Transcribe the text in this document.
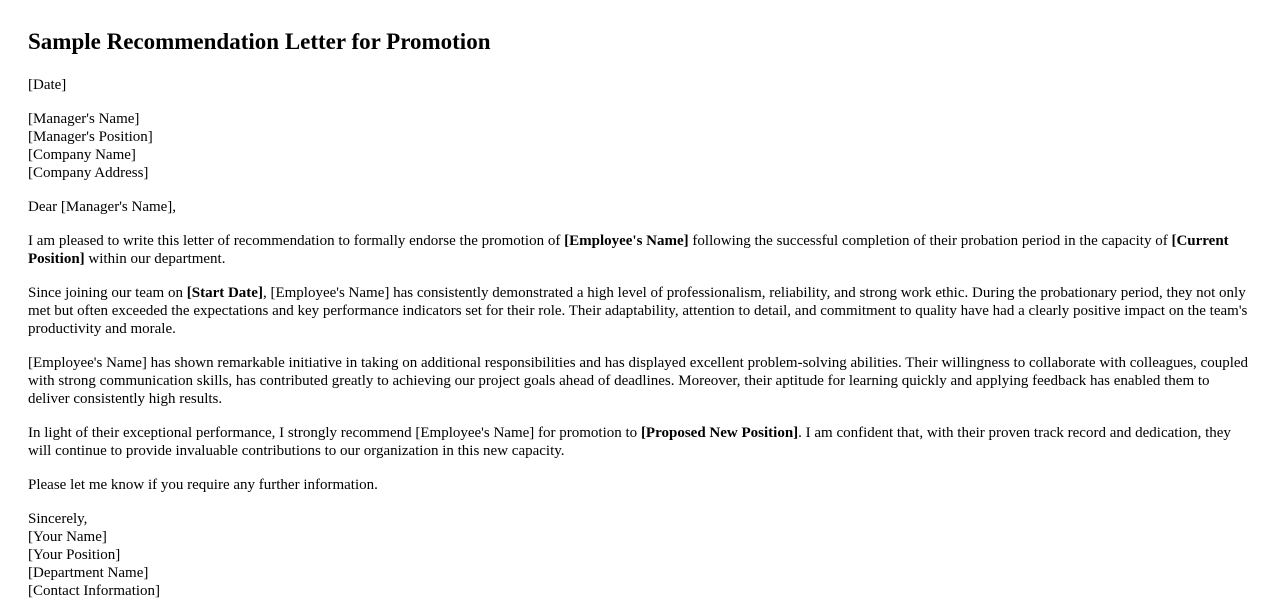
Sample Recommendation Letter for Promotion

[Date]

[Manager's Name]
[Manager's Position]
[Company Name]
[Company Address]

Dear [Manager's Name],

I am pleased to write this letter of recommendation to formally endorse the promotion of [Employee's Name] following the successful completion of their probation period in the capacity of [Current Position] within our department.

Since joining our team on [Start Date], [Employee's Name] has consistently demonstrated a high level of professionalism, reliability, and strong work ethic. During the probationary period, they not only met but often exceeded the expectations and key performance indicators set for their role. Their adaptability, attention to detail, and commitment to quality have had a clearly positive impact on the team's productivity and morale.

[Employee's Name] has shown remarkable initiative in taking on additional responsibilities and has displayed excellent problem-solving abilities. Their willingness to collaborate with colleagues, coupled with strong communication skills, has contributed greatly to achieving our project goals ahead of deadlines. Moreover, their aptitude for learning quickly and applying feedback has enabled them to deliver consistently high results.

In light of their exceptional performance, I strongly recommend [Employee's Name] for promotion to [Proposed New Position]. I am confident that, with their proven track record and dedication, they will continue to provide invaluable contributions to our organization in this new capacity.

Please let me know if you require any further information.

Sincerely,
[Your Name]
[Your Position]
[Department Name]
[Contact Information]
